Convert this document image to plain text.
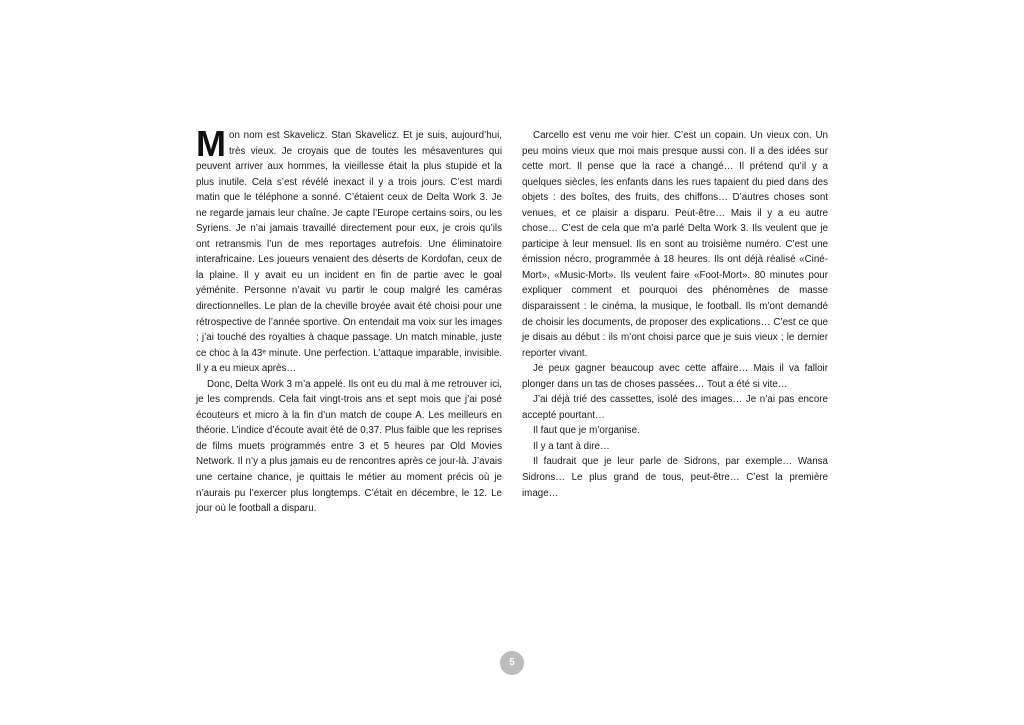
Mon nom est Skavelicz. Stan Skavelicz. Et je suis, aujourd’hui, très vieux. Je croyais que de toutes les mésaventures qui peuvent arriver aux hommes, la vieillesse était la plus stupide et la plus inutile. Cela s’est révélé inexact il y a trois jours. C’est mardi matin que le téléphone a sonné. C’étaient ceux de Delta Work 3. Je ne regarde jamais leur chaîne. Je capte l’Europe certains soirs, ou les Syriens. Je n’ai jamais travaillé directement pour eux, je crois qu’ils ont retransmis l’un de mes reportages autrefois. Une éliminatoire interafricaine. Les joueurs venaient des déserts de Kordofan, ceux de la plaine. Il y avait eu un incident en fin de partie avec le goal yéménite. Personne n’avait vu partir le coup malgré les caméras directionnelles. Le plan de la cheville broyée avait été choisi pour une rétrospective de l’année sportive. On entendait ma voix sur les images ; j’ai touché des royalties à chaque passage. Un match minable, juste ce choc à la 43ᵉ minute. Une perfection. L’attaque imparable, invisible. Il y a eu mieux après…

Donc, Delta Work 3 m’a appelé. Ils ont eu du mal à me retrouver ici, je les comprends. Cela fait vingt-trois ans et sept mois que j’ai posé écouteurs et micro à la fin d’un match de coupe A. Les meilleurs en théorie. L’indice d’écoute avait été de 0,37. Plus faible que les reprises de films muets programmés entre 3 et 5 heures par Old Movies Network. Il n’y a plus jamais eu de rencontres après ce jour-là. J’avais une certaine chance, je quittais le métier au moment précis où je n’aurais pu l’exercer plus longtemps. C’était en décembre, le 12. Le jour où le football a disparu.

Carcello est venu me voir hier. C’est un copain. Un vieux con. Un peu moins vieux que moi mais presque aussi con. Il a des idées sur cette mort. Il pense que la race a changé… Il prétend qu’il y a quelques siècles, les enfants dans les rues tapaient du pied dans des objets : des boîtes, des fruits, des chiffons… D’autres choses sont venues, et ce plaisir a disparu. Peut-être… Mais il y a eu autre chose… C’est de cela que m’a parlé Delta Work 3. Ils veulent que je participe à leur mensuel. Ils en sont au troisième numéro. C’est une émission nécro, programmée à 18 heures. Ils ont déjà réalisé «Ciné-Mort», «Music-Mort». Ils veulent faire «Foot-Mort». 80 minutes pour expliquer comment et pourquoi des phénomènes de masse disparaissent : le cinéma, la musique, le football. Ils m’ont demandé de choisir les documents, de proposer des explications… C’est ce que je disais au début : ils m’ont choisi parce que je suis vieux ; le dernier reporter vivant.

Je peux gagner beaucoup avec cette affaire… Mais il va falloir plonger dans un tas de choses passées… Tout a été si vite…

J’ai déjà trié des cassettes, isolé des images… Je n’ai pas encore accepté pourtant…

Il faut que je m’organise.

Il y a tant à dire…

Il faudrait que je leur parle de Sidrons, par exemple… Wansa Sidrons… Le plus grand de tous, peut-être… C’est la première image…

5
